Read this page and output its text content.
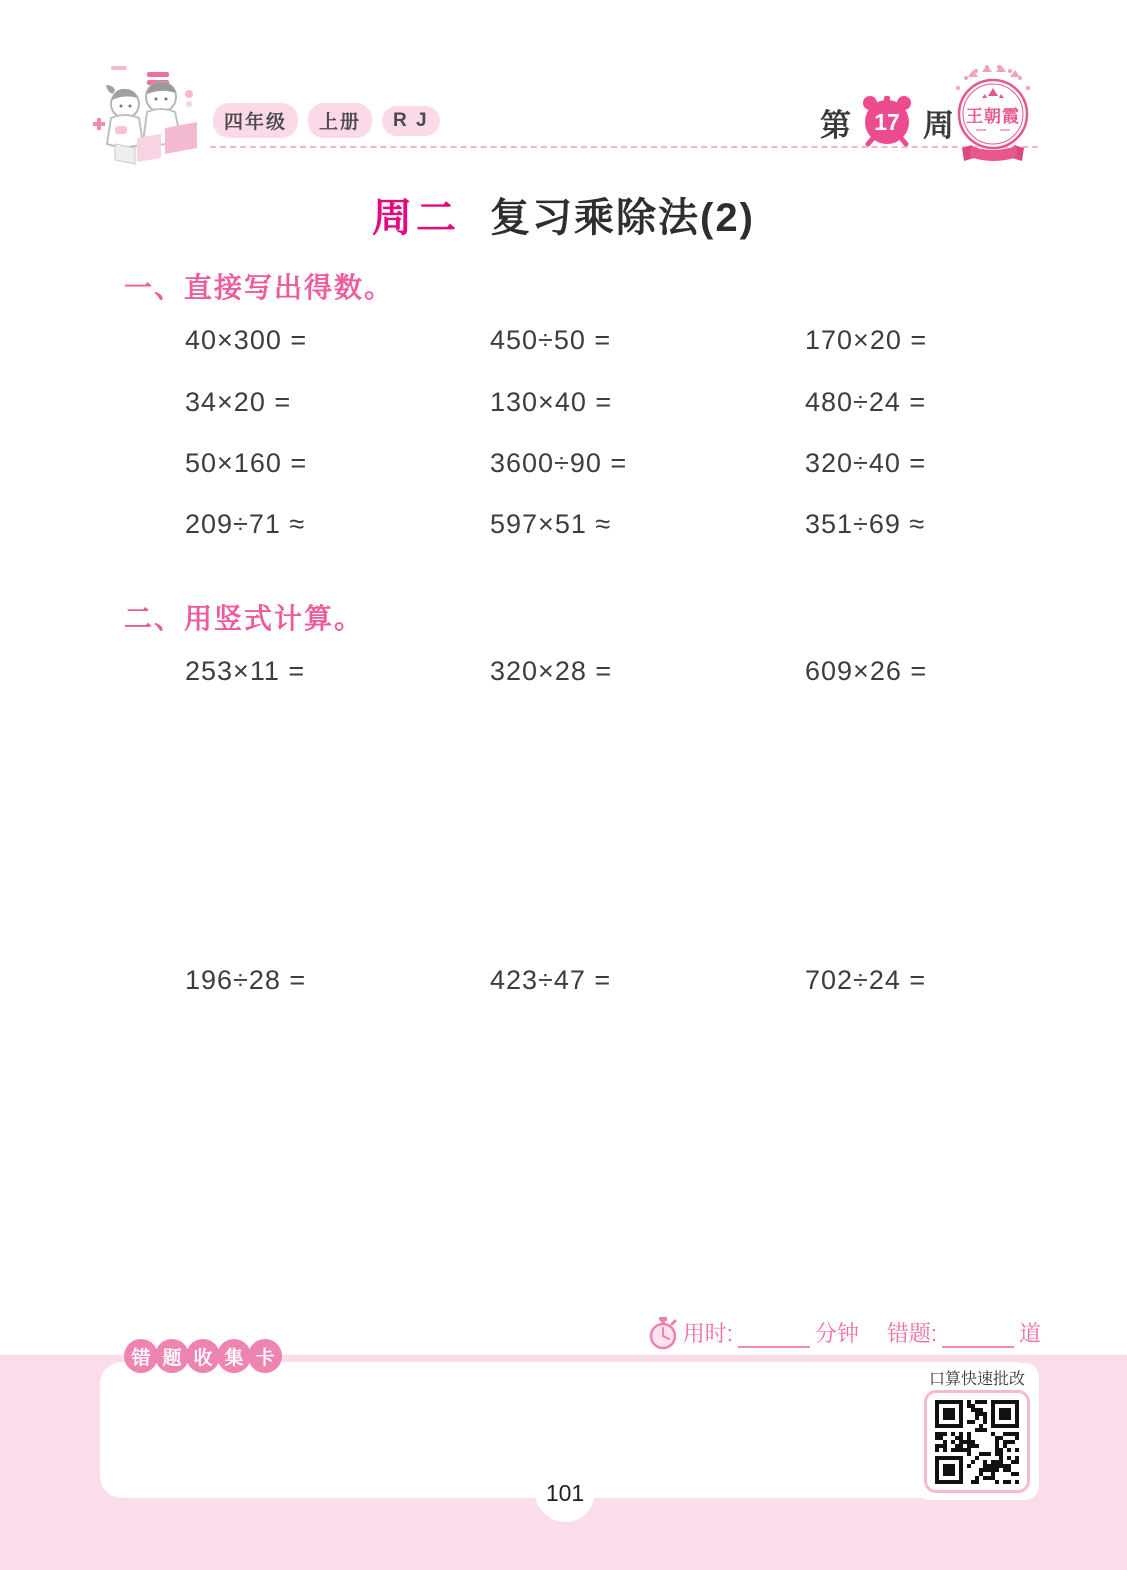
四年级	上册	R J	第 17 周 王朝霞
周二 复习乘除法(2)
一、直接写出得数。
40×300 =	450÷50 =	170×20 =
34×20 =	130×40 =	480÷24 =
50×160 =	3600÷90 =	320÷40 =
209÷71 ≈	597×51 ≈	351÷69 ≈
二、用竖式计算。
253×11 =	320×28 =	609×26 =
196÷28 =	423÷47 =	702÷24 =
用时:	分钟 错题:	道
错 题 收 集 卡
口算快速批改
101
